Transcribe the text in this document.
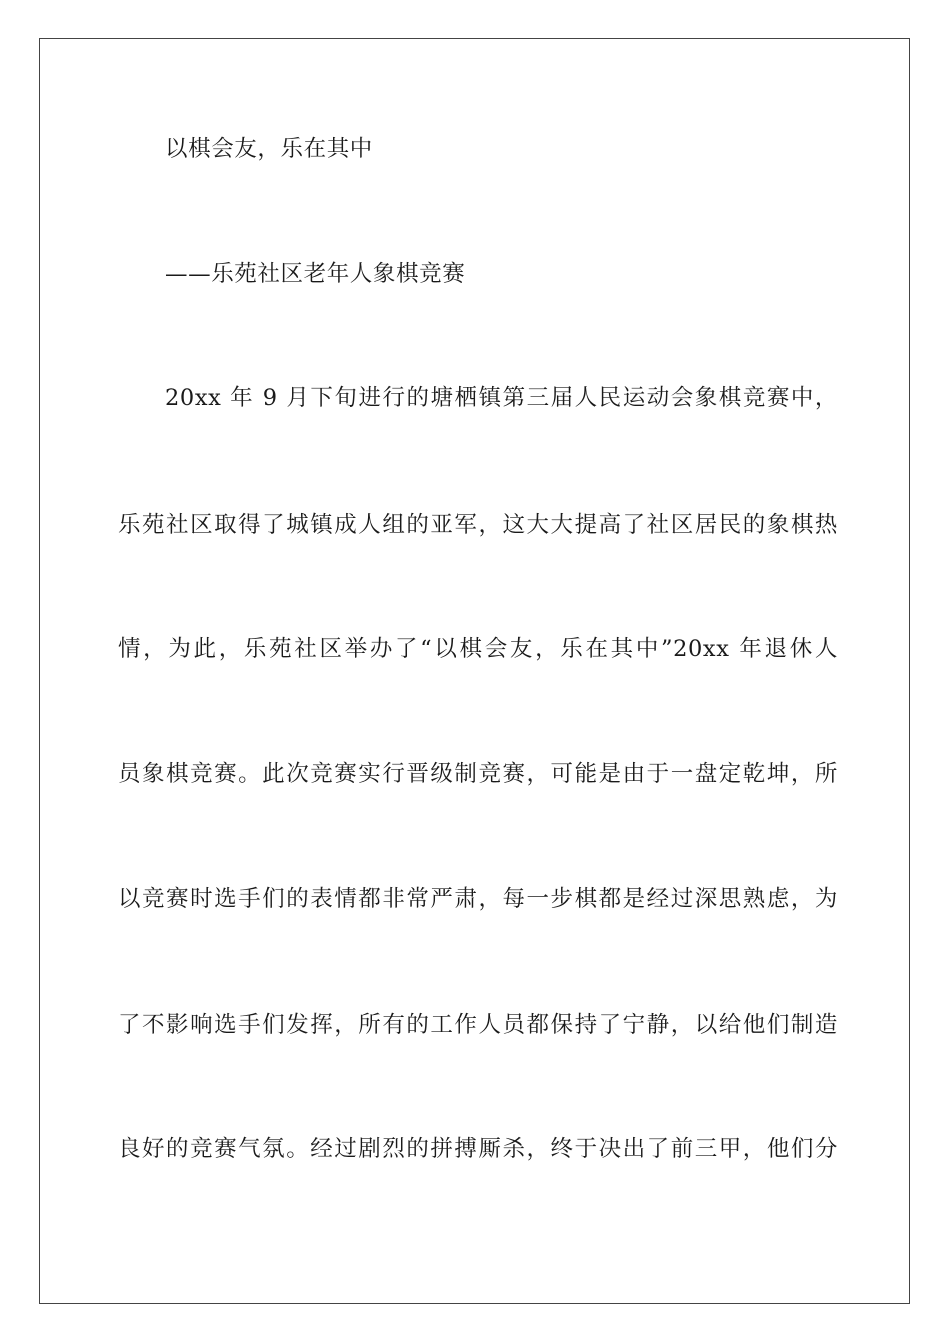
以棋会友，乐在其中
——乐苑社区老年人象棋竞赛
20xx 年 9 月下旬进行的塘栖镇第三届人民运动会象棋竞赛中，
乐苑社区取得了城镇成人组的亚军，这大大提高了社区居民的象棋热
情，为此，乐苑社区举办了“以棋会友，乐在其中”20xx 年退休人
员象棋竞赛。此次竞赛实行晋级制竞赛，可能是由于一盘定乾坤，所
以竞赛时选手们的表情都非常严肃，每一步棋都是经过深思熟虑，为
了不影响选手们发挥，所有的工作人员都保持了宁静，以给他们制造
良好的竞赛气氛。经过剧烈的拼搏厮杀，终于决出了前三甲，他们分
